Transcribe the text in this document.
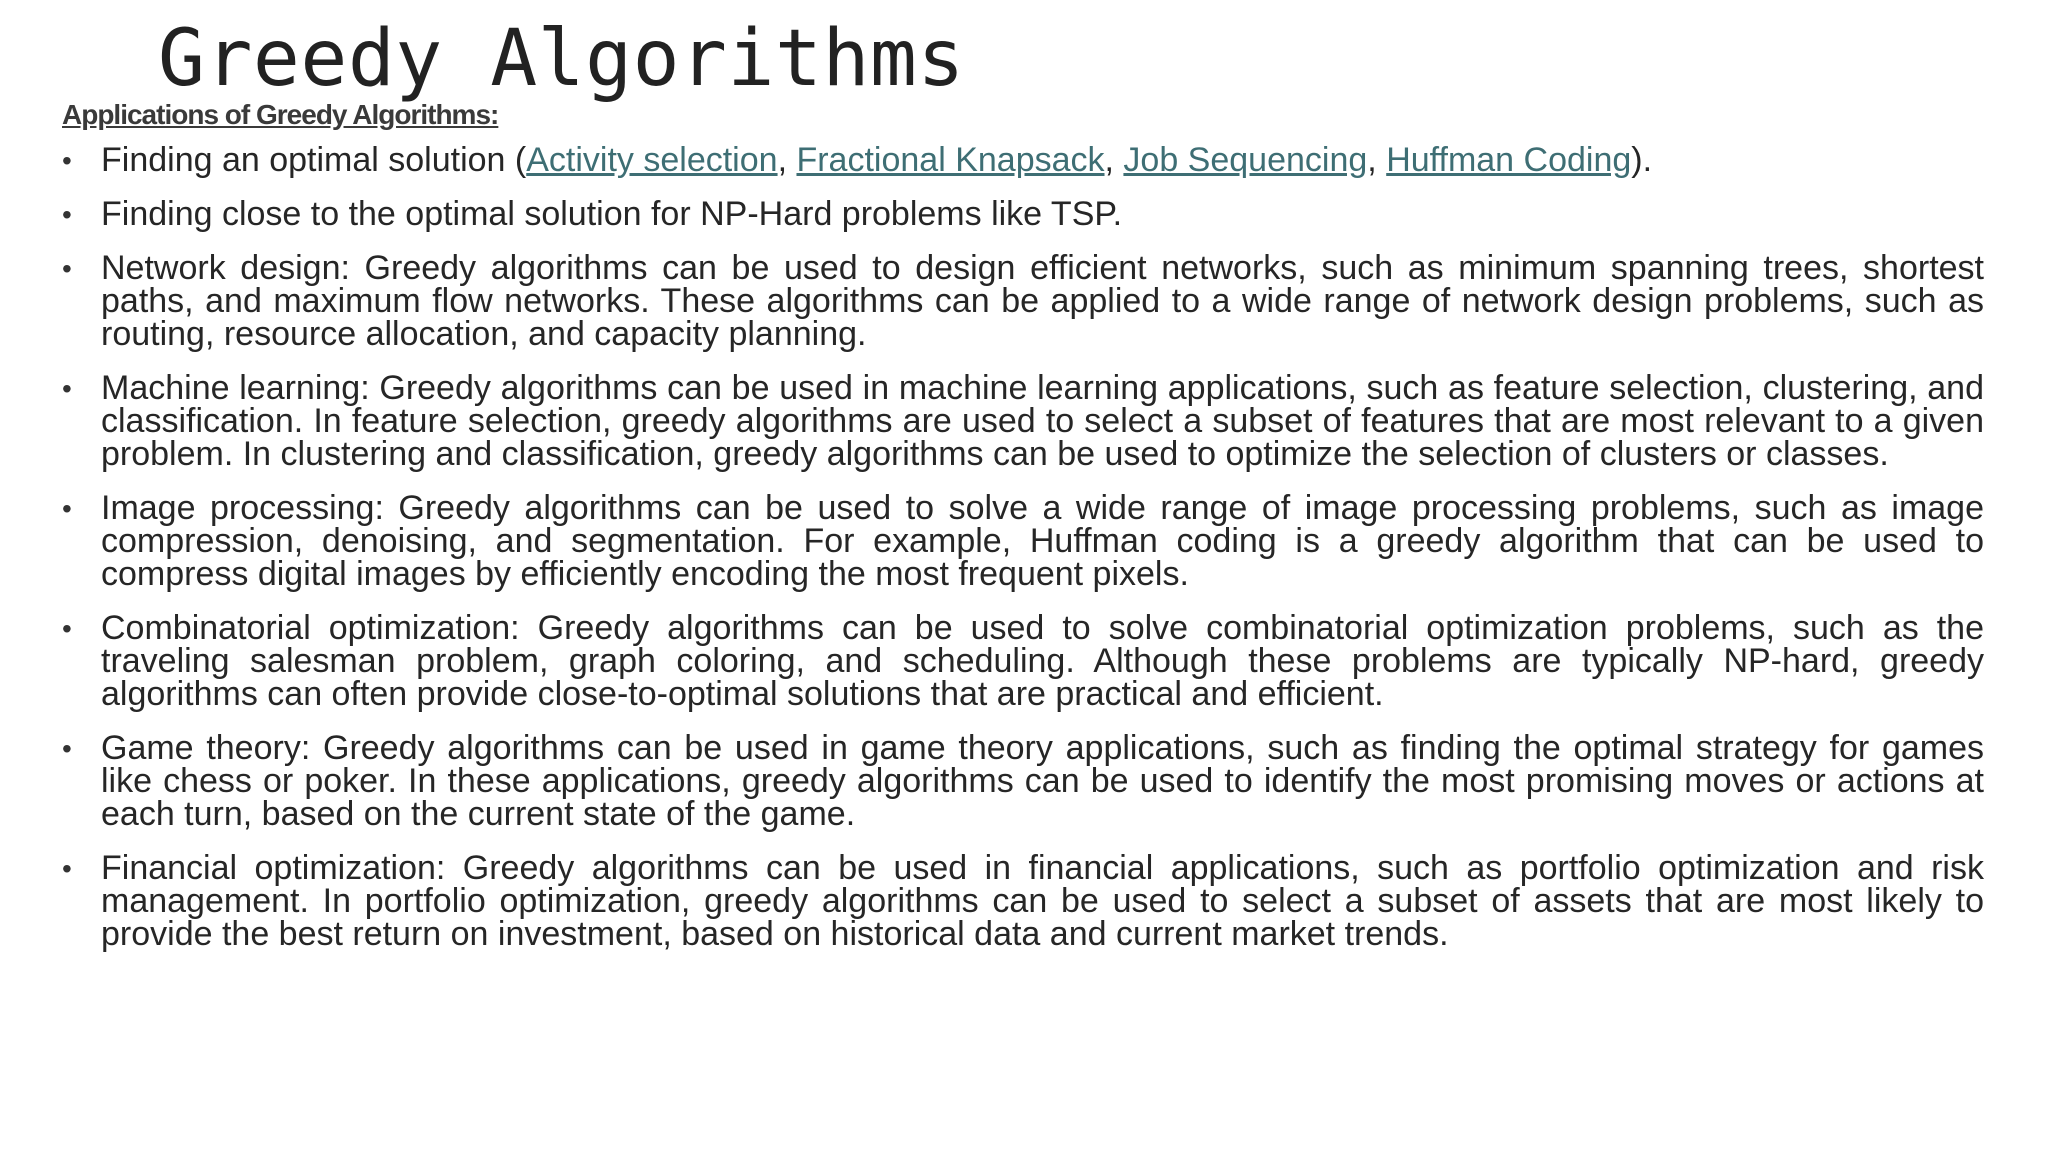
Greedy Algorithms
Applications of Greedy Algorithms:
• Finding an optimal solution (Activity selection, Fractional Knapsack, Job Sequencing, Huffman Coding).
• Finding close to the optimal solution for NP-Hard problems like TSP.
• Network design: Greedy algorithms can be used to design efficient networks, such as minimum spanning trees, shortest paths, and maximum flow networks. These algorithms can be applied to a wide range of network design problems, such as routing, resource allocation, and capacity planning.
• Machine learning: Greedy algorithms can be used in machine learning applications, such as feature selection, clustering, and classification. In feature selection, greedy algorithms are used to select a subset of features that are most relevant to a given problem. In clustering and classification, greedy algorithms can be used to optimize the selection of clusters or classes.
• Image processing: Greedy algorithms can be used to solve a wide range of image processing problems, such as image compression, denoising, and segmentation. For example, Huffman coding is a greedy algorithm that can be used to compress digital images by efficiently encoding the most frequent pixels.
• Combinatorial optimization: Greedy algorithms can be used to solve combinatorial optimization problems, such as the traveling salesman problem, graph coloring, and scheduling. Although these problems are typically NP-hard, greedy algorithms can often provide close-to-optimal solutions that are practical and efficient.
• Game theory: Greedy algorithms can be used in game theory applications, such as finding the optimal strategy for games like chess or poker. In these applications, greedy algorithms can be used to identify the most promising moves or actions at each turn, based on the current state of the game.
• Financial optimization: Greedy algorithms can be used in financial applications, such as portfolio optimization and risk management. In portfolio optimization, greedy algorithms can be used to select a subset of assets that are most likely to provide the best return on investment, based on historical data and current market trends.
